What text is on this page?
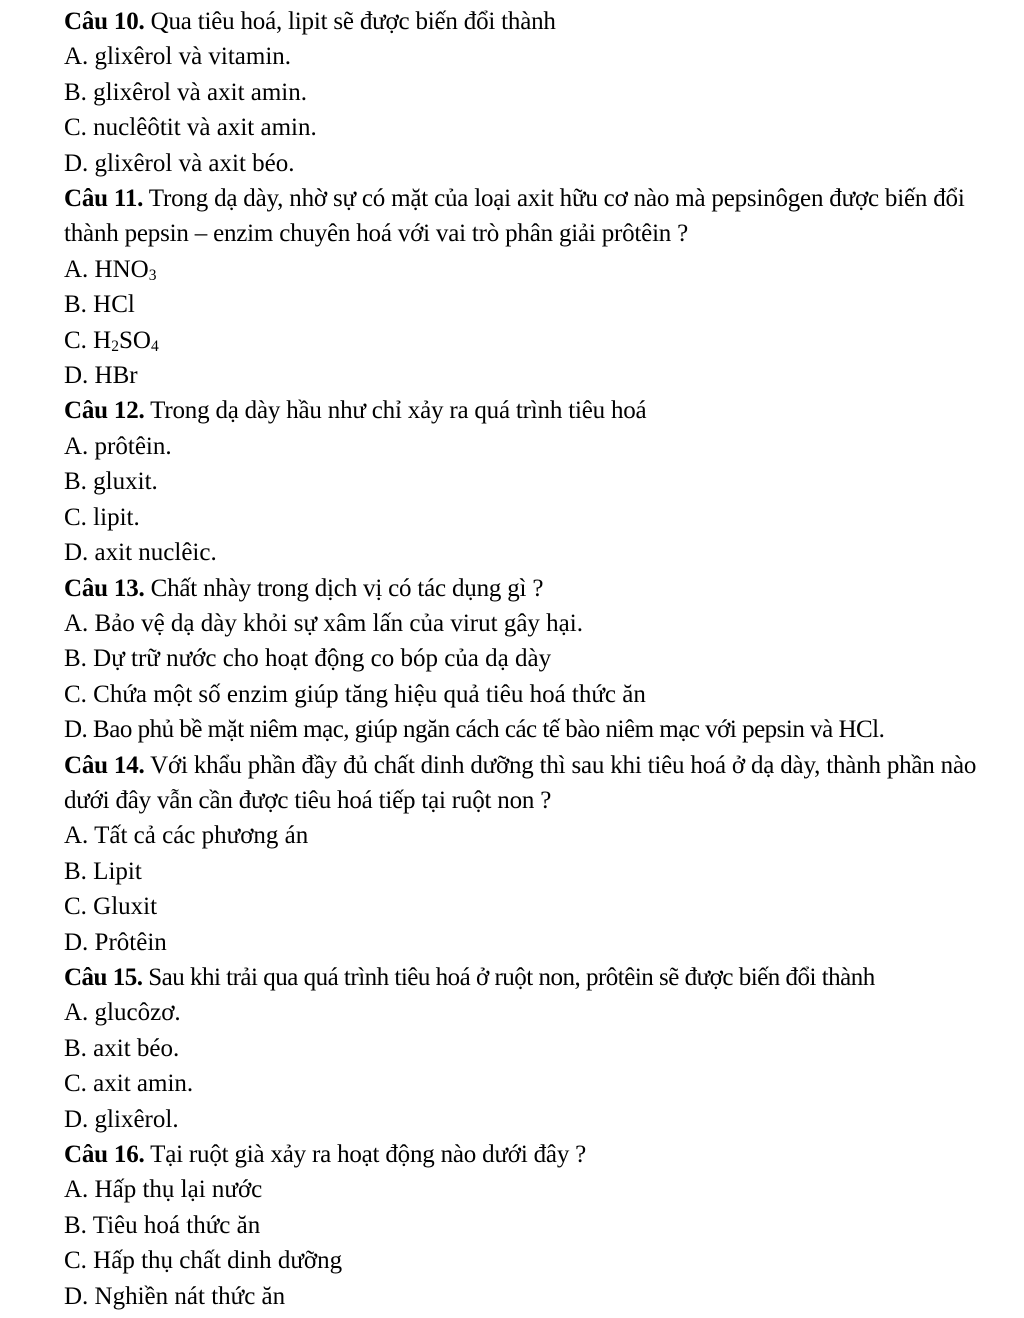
Câu 10. Qua tiêu hoá, lipit sẽ được biến đổi thành
A. glixêrol và vitamin.
B. glixêrol và axit amin.
C. nuclêôtit và axit amin.
D. glixêrol và axit béo.
Câu 11. Trong dạ dày, nhờ sự có mặt của loại axit hữu cơ nào mà pepsinôgen được biến đổi thành pepsin – enzim chuyên hoá với vai trò phân giải prôtêin ?
A. $HNO_3$
B. HCl
C. $H_2SO_4$
D. HBr
Câu 12. Trong dạ dày hầu như chỉ xảy ra quá trình tiêu hoá
A. prôtêin.
B. gluxit.
C. lipit.
D. axit nuclêic.
Câu 13. Chất nhày trong dịch vị có tác dụng gì ?
A. Bảo vệ dạ dày khỏi sự xâm lấn của virut gây hại.
B. Dự trữ nước cho hoạt động co bóp của dạ dày
C. Chứa một số enzim giúp tăng hiệu quả tiêu hoá thức ăn
D. Bao phủ bề mặt niêm mạc, giúp ngăn cách các tế bào niêm mạc với pepsin và HCl.
Câu 14. Với khẩu phần đầy đủ chất dinh dưỡng thì sau khi tiêu hoá ở dạ dày, thành phần nào dưới đây vẫn cần được tiêu hoá tiếp tại ruột non ?
A. Tất cả các phương án
B. Lipit
C. Gluxit
D. Prôtêin
Câu 15. Sau khi trải qua quá trình tiêu hoá ở ruột non, prôtêin sẽ được biến đổi thành
A. glucôzơ.
B. axit béo.
C. axit amin.
D. glixêrol.
Câu 16. Tại ruột già xảy ra hoạt động nào dưới đây ?
A. Hấp thụ lại nước
B. Tiêu hoá thức ăn
C. Hấp thụ chất dinh dưỡng
D. Nghiền nát thức ăn
